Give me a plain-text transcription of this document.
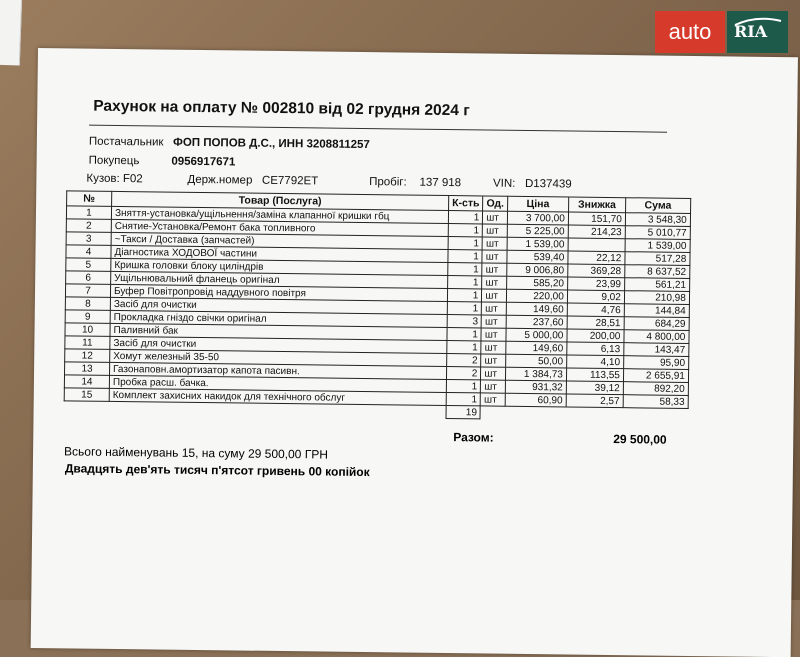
Рахунок на оплату № 002810 від 02 грудня 2024 г
Постачальник ФОП ПОПОВ Д.С., ИНН 3208811257
Покупець	0956917671
Кузов: F02	Держ.номер CE7792ET	Пробіг: 137 918	VIN: D137439
№	Товар (Послуга)	К-сть	Од.	Ціна	Знижка	Сума
1	Зняття-установка/ущільнення/заміна клапанної кришки гбц	1	шт	3 700,00	151,70	3 548,30
2	Снятие-Установка/Ремонт бака топливного	1	шт	5 225,00	214,23	5 010,77
3	~Такси / Доставка (запчастей)	1	шт	1 539,00		1 539,00
4	Діагностика ХОДОВОЇ частини	1	шт	539,40	22,12	517,28
5	Кришка головки блоку циліндрів	1	шт	9 006,80	369,28	8 637,52
6	Ущільнювальний фланець оригінал	1	шт	585,20	23,99	561,21
7	Буфер Повітропровід наддувного повітря	1	шт	220,00	9,02	210,98
8	Засіб для очистки	1	шт	149,60	4,76	144,84
9	Прокладка гніздо свічки оригінал	3	шт	237,60	28,51	684,29
10	Паливний бак	1	шт	5 000,00	200,00	4 800,00
11	Засіб для очистки	1	шт	149,60	6,13	143,47
12	Хомут железный 35-50	2	шт	50,00	4,10	95,90
13	Газонаповн.амортизатор капота пасивн.	2	шт	1 384,73	113,55	2 655,91
14	Пробка расш. бачка.	1	шт	931,32	39,12	892,20
15	Комплект захисних накидок для технічного обслуг	1	шт	60,90	2,57	58,33
		19				
Разом:	29 500,00
Всього найменувань 15, на суму 29 500,00 ГРН
Двадцять дев'ять тисяч п'ятсот гривень 00 копійок
auto	RIA
